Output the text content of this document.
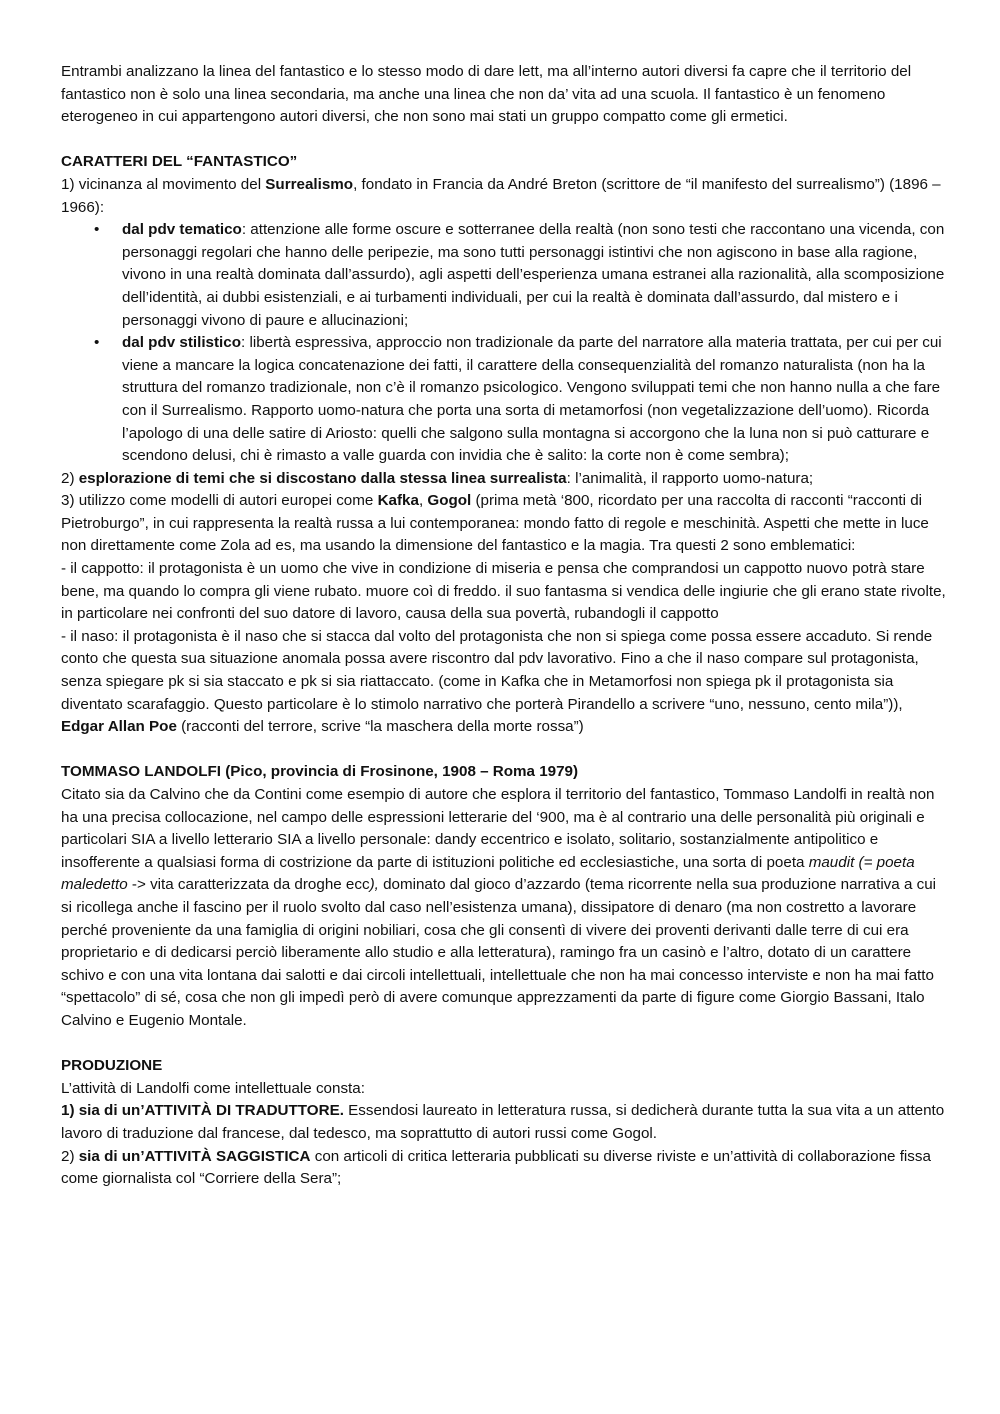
Entrambi analizzano la linea del fantastico e lo stesso modo di dare lett, ma all’interno autori diversi fa capre che il territorio del fantastico non è solo una linea secondaria, ma anche una linea che non da’ vita ad una scuola. Il fantastico è un fenomeno eterogeneo in cui appartengono autori diversi, che non sono mai stati un gruppo compatto come gli ermetici.

CARATTERI DEL “FANTASTICO”

1) vicinanza al movimento del Surrealismo, fondato in Francia da André Breton (scrittore de “il manifesto del surrealismo”) (1896 – 1966):

• dal pdv tematico: attenzione alle forme oscure e sotterranee della realtà (non sono testi che raccontano una vicenda, con personaggi regolari che hanno delle peripezie, ma sono tutti personaggi istintivi che non agiscono in base alla ragione, vivono in una realtà dominata dall’assurdo), agli aspetti dell’esperienza umana estranei alla razionalità, alla scomposizione dell’identità, ai dubbi esistenziali, e ai turbamenti individuali, per cui la realtà è dominata dall’assurdo, dal mistero e i personaggi vivono di paure e allucinazioni;
• dal pdv stilistico: libertà espressiva, approccio non tradizionale da parte del narratore alla materia trattata, per cui per cui viene a mancare la logica concatenazione dei fatti, il carattere della consequenzialità del romanzo naturalista (non ha la struttura del romanzo tradizionale, non c’è il romanzo psicologico. Vengono sviluppati temi che non hanno nulla a che fare con il Surrealismo. Rapporto uomo-natura che porta una sorta di metamorfosi (non vegetalizzazione dell’uomo). Ricorda l’apologo di una delle satire di Ariosto: quelli che salgono sulla montagna si accorgono che la luna non si può catturare e scendono delusi, chi è rimasto a valle guarda con invidia che è salito: la corte non è come sembra);

2) esplorazione di temi che si discostano dalla stessa linea surrealista: l’animalità, il rapporto uomo-natura;

3) utilizzo come modelli di autori europei come Kafka, Gogol (prima metà ‘800, ricordato per una raccolta di racconti “racconti di Pietroburgo”, in cui rappresenta la realtà russa a lui contemporanea: mondo fatto di regole e meschinità. Aspetti che mette in luce non direttamente come Zola ad es, ma usando la dimensione del fantastico e la magia. Tra questi 2 sono emblematici:

- il cappotto: il protagonista è un uomo che vive in condizione di miseria e pensa che comprandosi un cappotto nuovo potrà stare bene, ma quando lo compra gli viene rubato. muore coì di freddo. il suo fantasma si vendica delle ingiurie che gli erano state rivolte, in particolare nei confronti del suo datore di lavoro, causa della sua povertà, rubandogli il cappotto

- il naso: il protagonista è il naso che si stacca dal volto del protagonista che non si spiega come possa essere accaduto. Si rende conto che questa sua situazione anomala possa avere riscontro dal pdv lavorativo. Fino a che il naso compare sul protagonista, senza spiegare pk si sia staccato e pk si sia riattaccato. (come in Kafka che in Metamorfosi non spiega pk il protagonista sia diventato scarafaggio. Questo particolare è lo stimolo narrativo che porterà Pirandello a scrivere “uno, nessuno, cento mila”)),

Edgar Allan Poe (racconti del terrore, scrive “la maschera della morte rossa”)

TOMMASO LANDOLFI (Pico, provincia di Frosinone, 1908 – Roma 1979)

Citato sia da Calvino che da Contini come esempio di autore che esplora il territorio del fantastico, Tommaso Landolfi in realtà non ha una precisa collocazione, nel campo delle espressioni letterarie del ‘900, ma è al contrario una delle personalità più originali e particolari SIA a livello letterario SIA a livello personale: dandy eccentrico e isolato, solitario, sostanzialmente antipolitico e insofferente a qualsiasi forma di costrizione da parte di istituzioni politiche ed ecclesiastiche, una sorta di poeta maudit (= poeta maledetto -> vita caratterizzata da droghe ecc), dominato dal gioco d’azzardo (tema ricorrente nella sua produzione narrativa a cui si ricollega anche il fascino per il ruolo svolto dal caso nell’esistenza umana), dissipatore di denaro (ma non costretto a lavorare perché proveniente da una famiglia di origini nobiliari, cosa che gli consentì di vivere dei proventi derivanti dalle terre di cui era proprietario e di dedicarsi perciò liberamente allo studio e alla letteratura), ramingo fra un casinò e l’altro, dotato di un carattere schivo e con una vita lontana dai salotti e dai circoli intellettuali, intellettuale che non ha mai concesso interviste e non ha mai fatto “spettacolo” di sé, cosa che non gli impedì però di avere comunque apprezzamenti da parte di figure come Giorgio Bassani, Italo Calvino e Eugenio Montale.

PRODUZIONE

L’attività di Landolfi come intellettuale consta:

1) sia di un’ATTIVITÀ DI TRADUTTORE. Essendosi laureato in letteratura russa, si dedicherà durante tutta la sua vita a un attento lavoro di traduzione dal francese, dal tedesco, ma soprattutto di autori russi come Gogol.

2) sia di un’ATTIVITÀ SAGGISTICA con articoli di critica letteraria pubblicati su diverse riviste e un’attività di collaborazione fissa come giornalista col “Corriere della Sera”;
